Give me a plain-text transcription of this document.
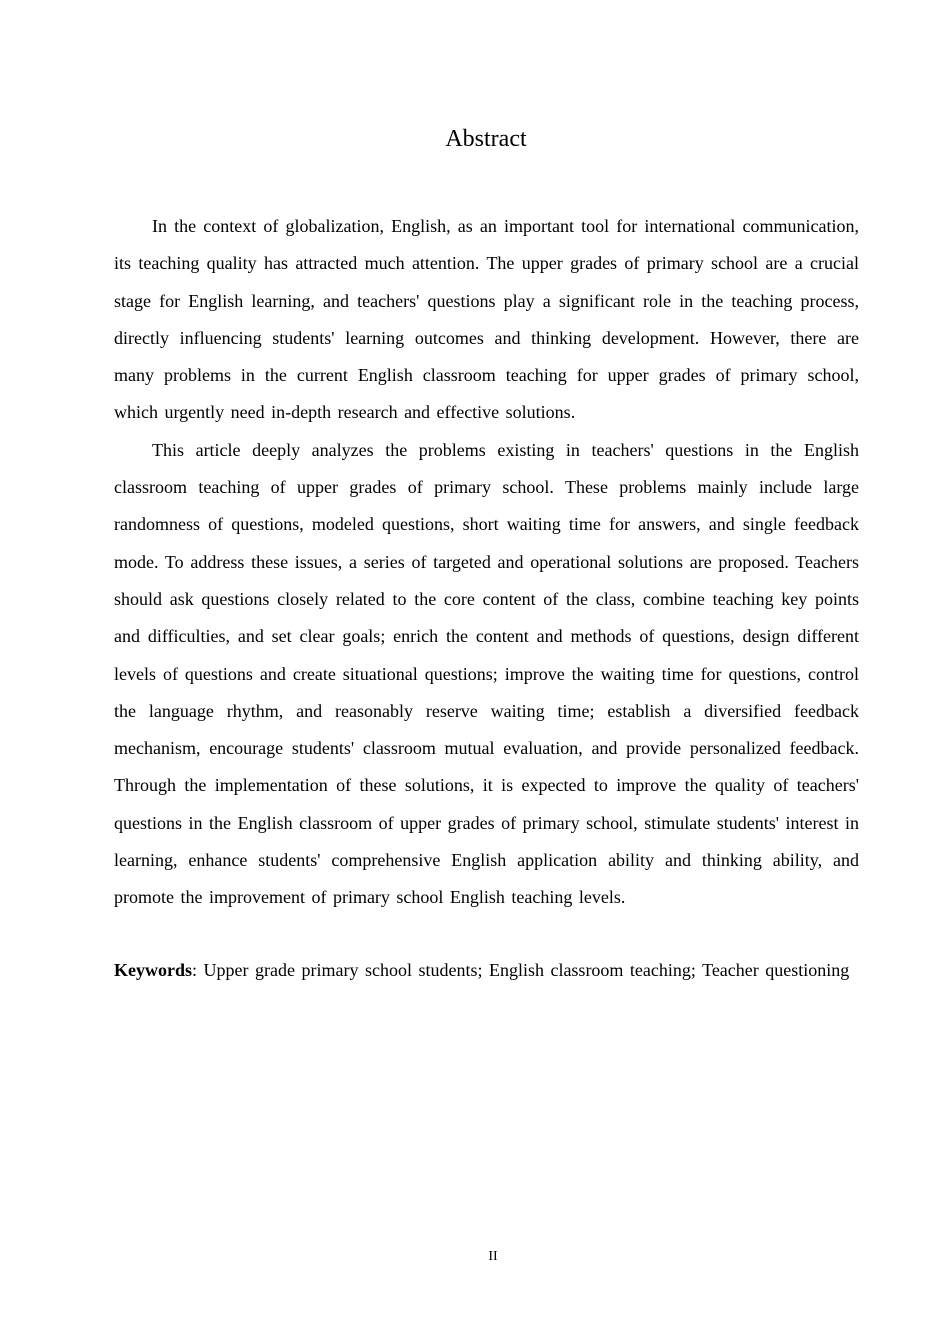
Abstract

In the context of globalization, English, as an important tool for international communication, its teaching quality has attracted much attention. The upper grades of primary school are a crucial stage for English learning, and teachers' questions play a significant role in the teaching process, directly influencing students' learning outcomes and thinking development. However, there are many problems in the current English classroom teaching for upper grades of primary school, which urgently need in-depth research and effective solutions.

This article deeply analyzes the problems existing in teachers' questions in the English classroom teaching of upper grades of primary school. These problems mainly include large randomness of questions, modeled questions, short waiting time for answers, and single feedback mode. To address these issues, a series of targeted and operational solutions are proposed. Teachers should ask questions closely related to the core content of the class, combine teaching key points and difficulties, and set clear goals; enrich the content and methods of questions, design different levels of questions and create situational questions; improve the waiting time for questions, control the language rhythm, and reasonably reserve waiting time; establish a diversified feedback mechanism, encourage students' classroom mutual evaluation, and provide personalized feedback. Through the implementation of these solutions, it is expected to improve the quality of teachers' questions in the English classroom of upper grades of primary school, stimulate students' interest in learning, enhance students' comprehensive English application ability and thinking ability, and promote the improvement of primary school English teaching levels.

Keywords: Upper grade primary school students; English classroom teaching; Teacher questioning

II
